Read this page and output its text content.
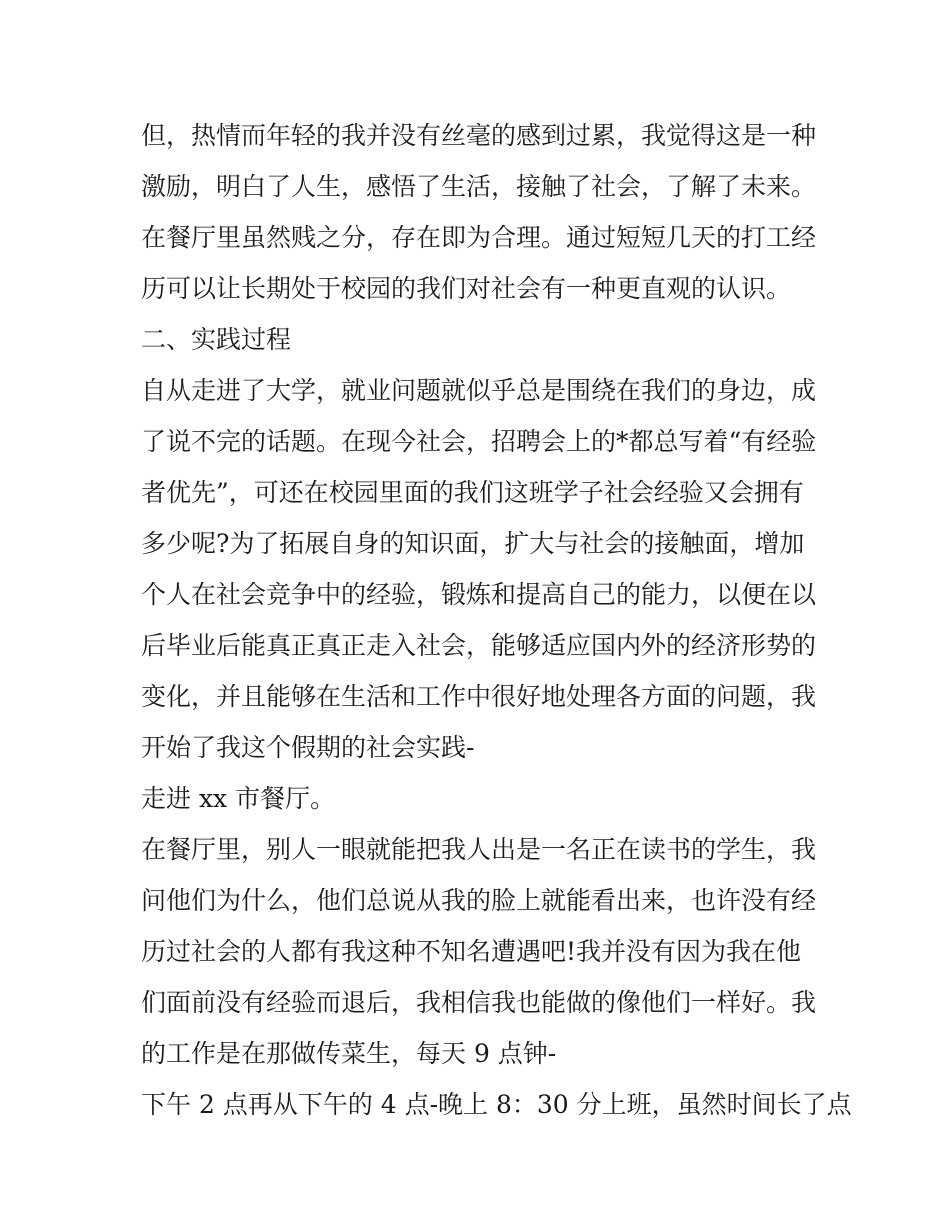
但，热情而年轻的我并没有丝毫的感到过累，我觉得这是一种
激励，明白了人生，感悟了生活，接触了社会，了解了未来。
在餐厅里虽然贱之分，存在即为合理。通过短短几天的打工经
历可以让长期处于校园的我们对社会有一种更直观的认识。
二、实践过程
自从走进了大学，就业问题就似乎总是围绕在我们的身边，成
了说不完的话题。在现今社会，招聘会上的*都总写着“有经验
者优先”，可还在校园里面的我们这班学子社会经验又会拥有
多少呢?为了拓展自身的知识面，扩大与社会的接触面，增加
个人在社会竞争中的经验，锻炼和提高自己的能力，以便在以
后毕业后能真正真正走入社会，能够适应国内外的经济形势的
变化，并且能够在生活和工作中很好地处理各方面的问题，我
开始了我这个假期的社会实践-
走进 xx 市餐厅。
在餐厅里，别人一眼就能把我人出是一名正在读书的学生，我
问他们为什么，他们总说从我的脸上就能看出来，也许没有经
历过社会的人都有我这种不知名遭遇吧!我并没有因为我在他
们面前没有经验而退后，我相信我也能做的像他们一样好。我
的工作是在那做传菜生，每天 9 点钟-
下午 2 点再从下午的 4 点-晚上 8：30 分上班，虽然时间长了点
